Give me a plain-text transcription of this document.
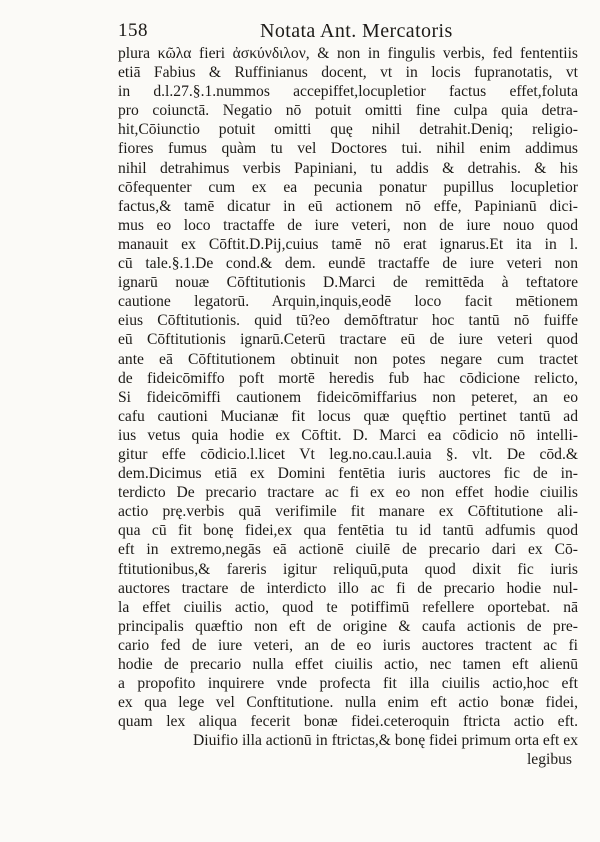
158	Notata Ant. Mercatoris
plura κῶλα fieri ἀσκύνδιλον, & non in fingulis verbis, fed fententiis
etiā Fabius & Ruffinianus docent, vt in locis fupranotatis, vt
in d.l.27.§.1.nummos accepiffet,locupletior factus effet,foluta
pro coiunctā. Negatio nō potuit omitti fine culpa quia detra-
hit,Cōiunctio potuit omitti quę nihil detrahit.Deniq; religio-
fiores fumus quàm tu vel Doctores tui. nihil enim addimus
nihil detrahimus verbis Papiniani, tu addis & detrahis. & his
cōfequenter cum ex ea pecunia ponatur pupillus locupletior
factus,& tamē dicatur in eū actionem nō effe, Papinianū dici-
mus eo loco tractaffe de iure veteri, non de iure nouo quod
manauit ex Cōftit.D.Pij,cuius tamē nō erat ignarus.Et ita in l.
cū tale.§.1.De cond.& dem. eundē tractaffe de iure veteri non
ignarū nouæ Cōftitutionis D.Marci de remittēda à teftatore
cautione legatorū. Arquin,inquis,eodē loco facit mētionem
eius Cōftitutionis. quid tū?eo demōftratur hoc tantū nō fuiffe
eū Cōftitutionis ignarū.Ceterū tractare eū de iure veteri quod
ante eā Cōftitutionem obtinuit non potes negare cum tractet
de fideicōmiffo poft mortē heredis fub hac cōdicione relicto,
Si fideicōmiffi cautionem fideicōmiffarius non peteret, an eo
cafu cautioni Mucianæ fit locus quæ quęftio pertinet tantū ad
ius vetus quia hodie ex Cōftit. D. Marci ea cōdicio nō intelli-
gitur effe cōdicio.l.licet Vt leg.no.cau.l.auia §. vlt. De cōd.&
dem.Dicimus etiā ex Domini fentētia iuris auctores fic de in-
terdicto De precario tractare ac fi ex eo non effet hodie ciuilis
actio prę.verbis quā verifimile fit manare ex Cōftitutione ali-
qua cū fit bonę fidei,ex qua fentētia tu id tantū adfumis quod
eft in extremo,negās eā actionē ciuilē de precario dari ex Cō-
ftitutionibus,& fareris igitur reliquū,puta quod dixit fic iuris
auctores tractare de interdicto illo ac fi de precario hodie nul-
la effet ciuilis actio, quod te potiffimū refellere oportebat. nā
principalis quæftio non eft de origine & caufa actionis de pre-
cario fed de iure veteri, an de eo iuris auctores tractent ac fi
hodie de precario nulla effet ciuilis actio, nec tamen eft alienū
a propofito inquirere vnde profecta fit illa ciuilis actio,hoc eft
ex qua lege vel Conftitutione. nulla enim eft actio bonæ fidei,
quam lex aliqua fecerit bonæ fidei.ceteroquin ftricta actio eft.
Diuifio illa actionū in ftrictas,& bonę fidei primum orta eft ex
legibus
